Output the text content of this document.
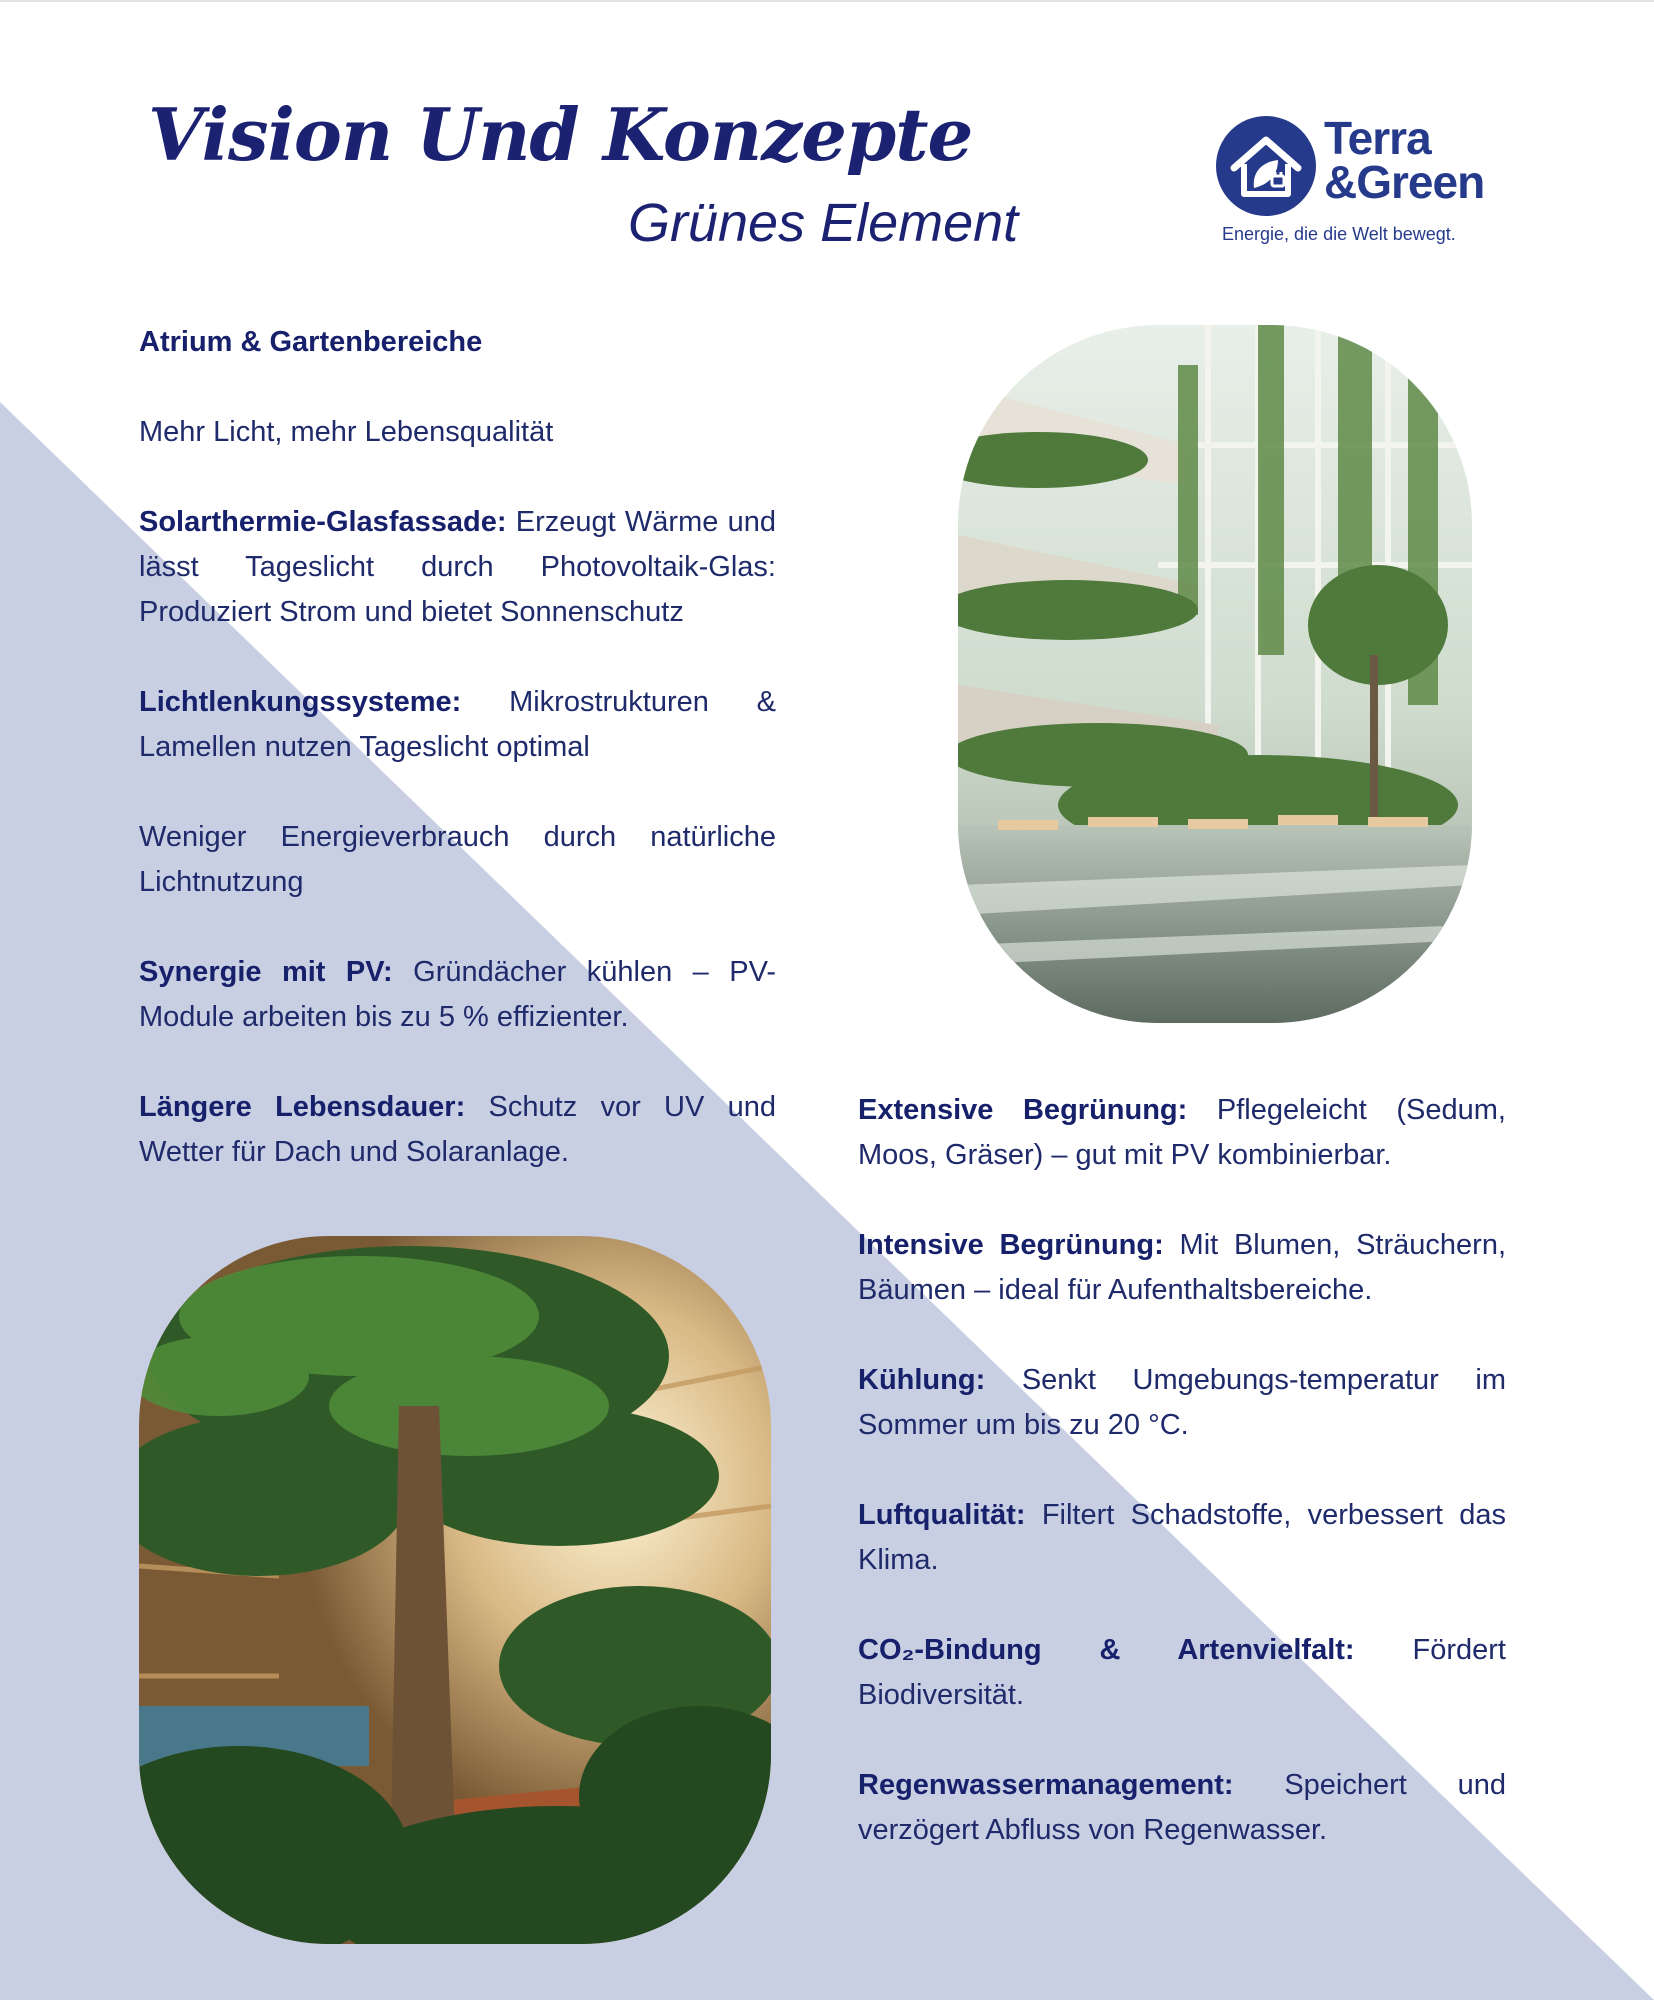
Vision Und Konzepte
Grünes Element
Terra
&Green
Energie, die die Welt bewegt.

Atrium & Gartenbereiche

Mehr Licht, mehr Lebensqualität

Solarthermie-Glasfassade: Erzeugt Wärme und lässt Tageslicht durch Photovoltaik-Glas: Produziert Strom und bietet Sonnenschutz

Lichtlenkungssysteme: Mikrostrukturen & Lamellen nutzen Tageslicht optimal

Weniger Energieverbrauch durch natürliche Lichtnutzung

Synergie mit PV: Gründächer kühlen – PV-Module arbeiten bis zu 5 % effizienter.

Längere Lebensdauer: Schutz vor UV und Wetter für Dach und Solaranlage.

Extensive Begrünung: Pflegeleicht (Sedum, Moos, Gräser) – gut mit PV kombinierbar.

Intensive Begrünung: Mit Blumen, Sträuchern, Bäumen – ideal für Aufenthaltsbereiche.

Kühlung: Senkt Umgebungs-temperatur im Sommer um bis zu 20 °C.

Luftqualität: Filtert Schadstoffe, verbessert das Klima.

CO₂-Bindung & Artenvielfalt: Fördert Biodiversität.

Regenwassermanagement: Speichert und verzögert Abfluss von Regenwasser.
